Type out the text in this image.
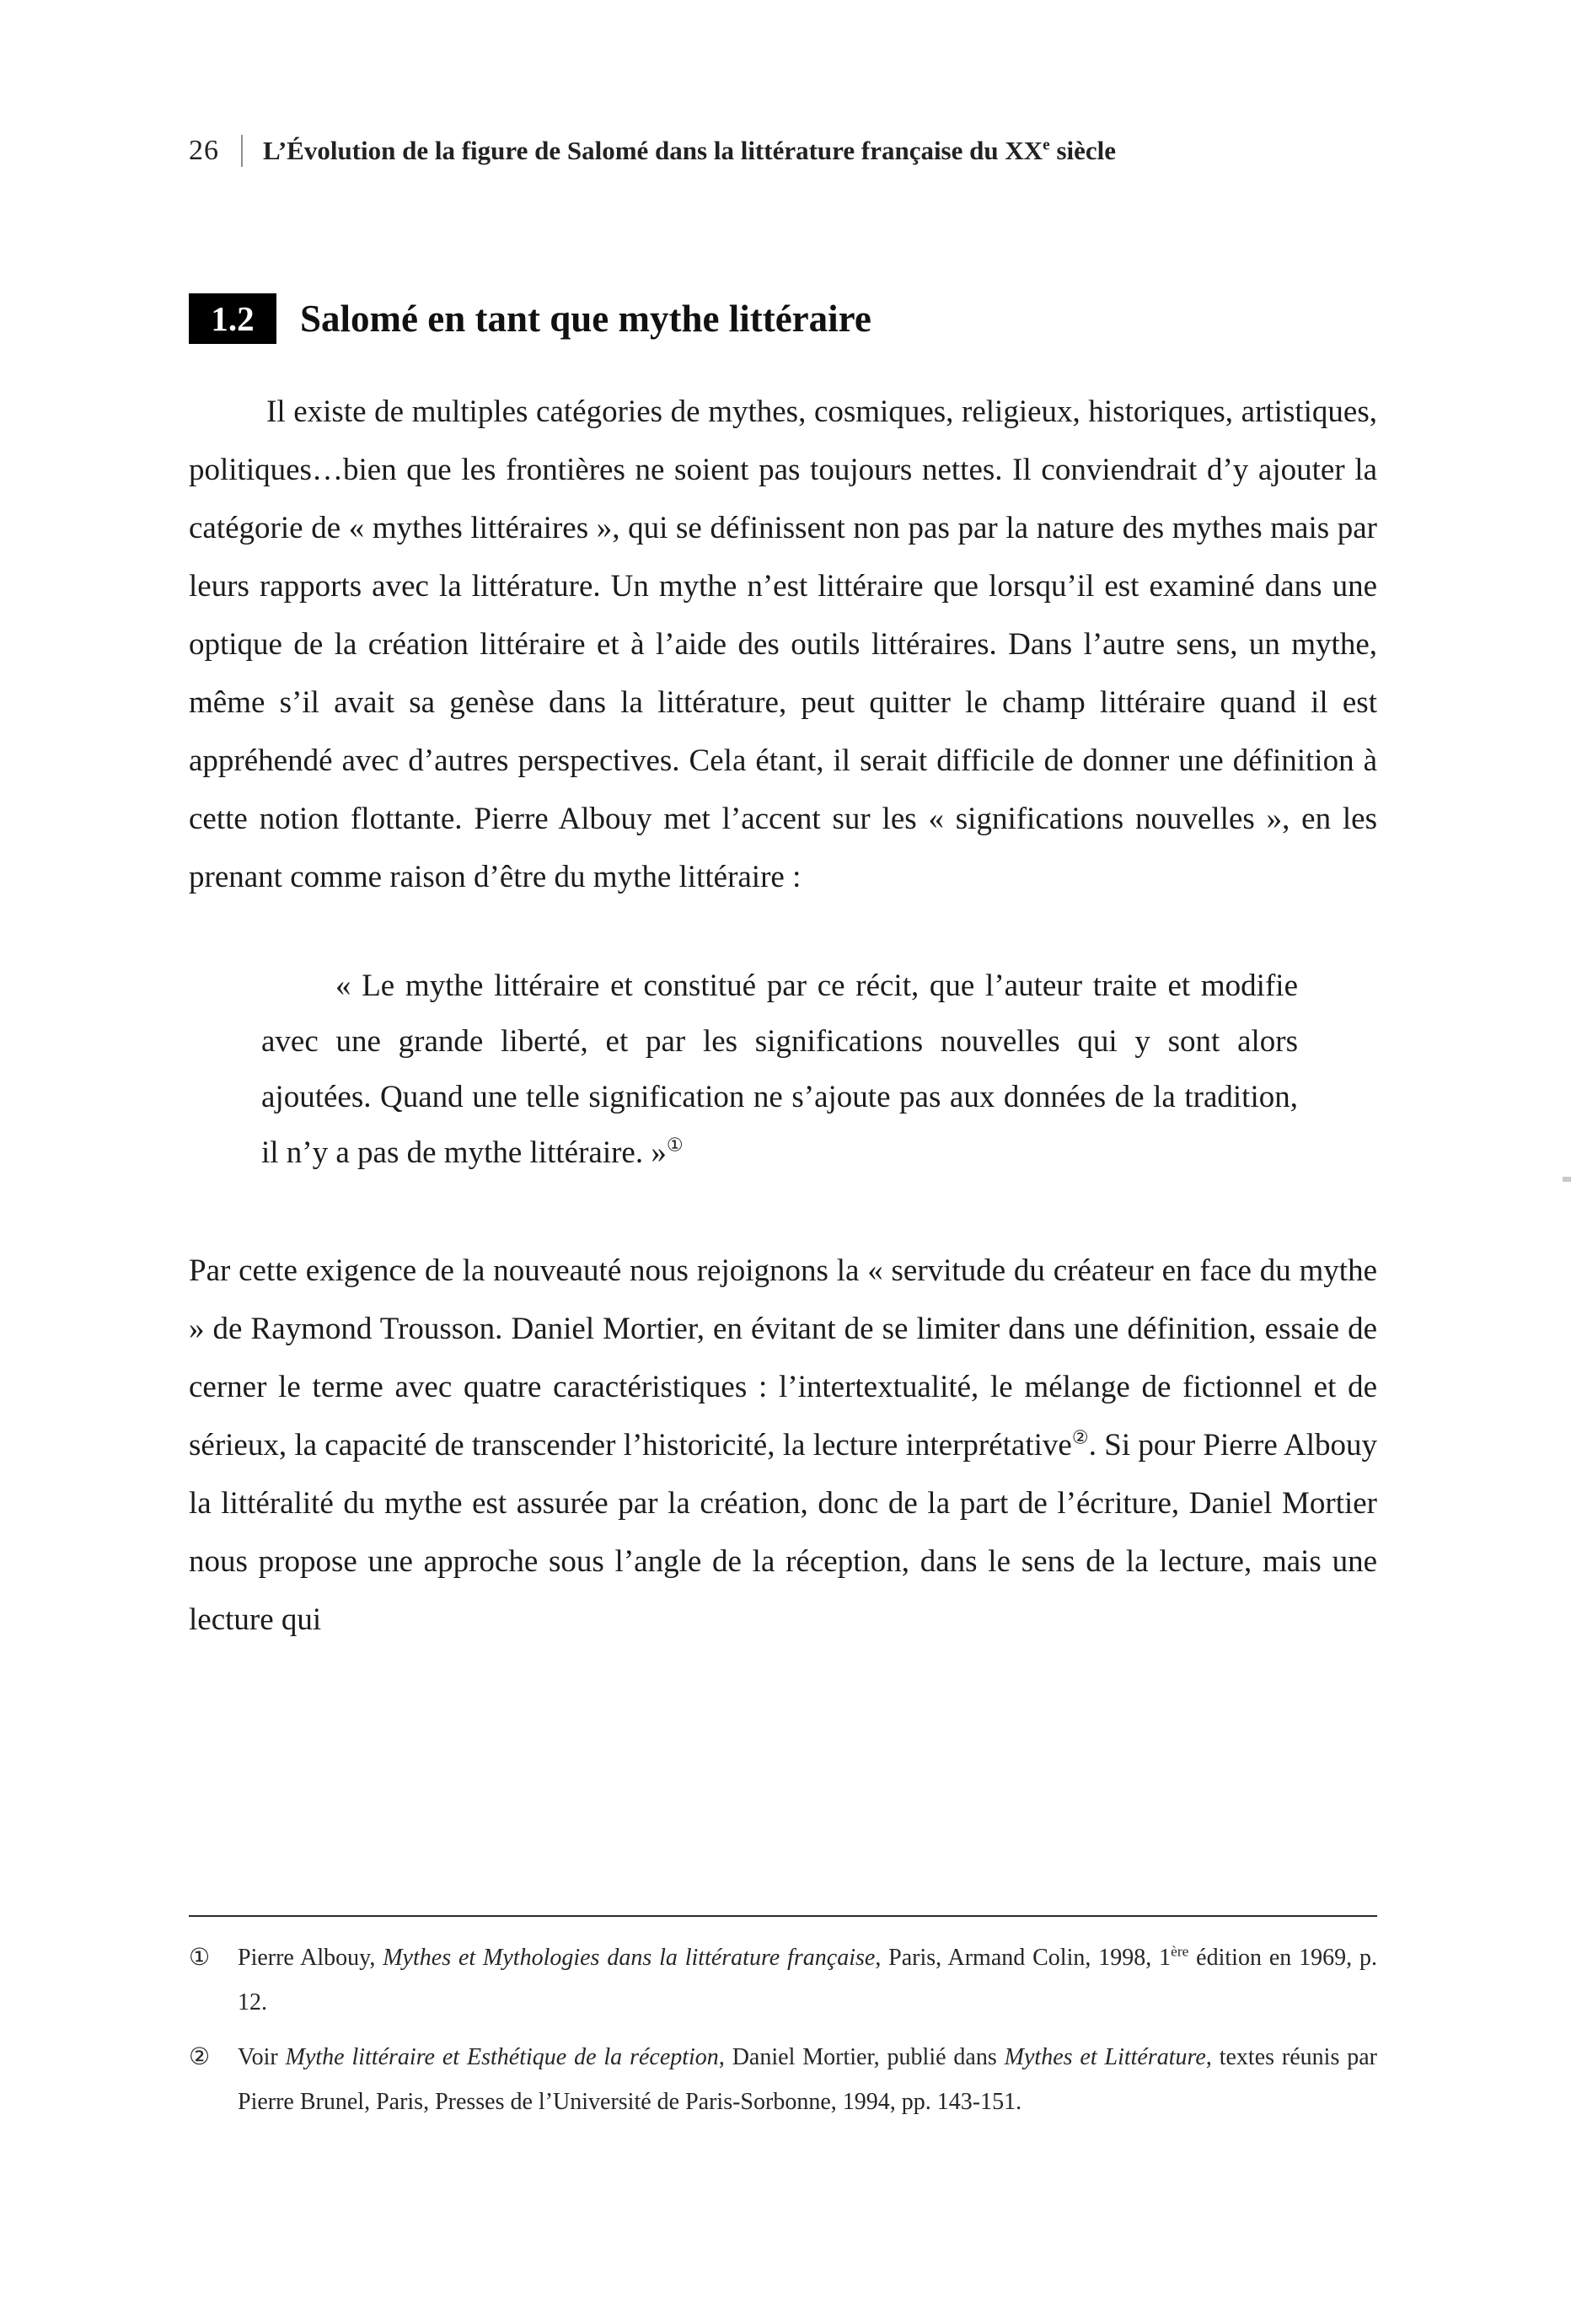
26 L’Évolution de la figure de Salomé dans la littérature française du XXe siècle
1.2	Salomé en tant que mythe littéraire

Il existe de multiples catégories de mythes, cosmiques, religieux, historiques, artistiques, politiques…bien que les frontières ne soient pas toujours nettes. Il conviendrait d’y ajouter la catégorie de « mythes littéraires », qui se définissent non pas par la nature des mythes mais par leurs rapports avec la littérature. Un mythe n’est littéraire que lorsqu’il est examiné dans une optique de la création littéraire et à l’aide des outils littéraires. Dans l’autre sens, un mythe, même s’il avait sa genèse dans la littérature, peut quitter le champ littéraire quand il est appréhendé avec d’autres perspectives. Cela étant, il serait difficile de donner une définition à cette notion flottante. Pierre Albouy met l’accent sur les « significations nouvelles », en les prenant comme raison d’être du mythe littéraire :

« Le mythe littéraire et constitué par ce récit, que l’auteur traite et modifie avec une grande liberté, et par les significations nouvelles qui y sont alors ajoutées. Quand une telle signification ne s’ajoute pas aux données de la tradition, il n’y a pas de mythe littéraire. »①

Par cette exigence de la nouveauté nous rejoignons la « servitude du créateur en face du mythe » de Raymond Trousson. Daniel Mortier, en évitant de se limiter dans une définition, essaie de cerner le terme avec quatre caractéristiques : l’intertextualité, le mélange de fictionnel et de sérieux, la capacité de transcender l’historicité, la lecture interprétative②. Si pour Pierre Albouy la littéralité du mythe est assurée par la création, donc de la part de l’écriture, Daniel Mortier nous propose une approche sous l’angle de la réception, dans le sens de la lecture, mais une lecture qui

① Pierre Albouy, Mythes et Mythologies dans la littérature française, Paris, Armand Colin, 1998, 1ère édition en 1969, p. 12.
② Voir Mythe littéraire et Esthétique de la réception, Daniel Mortier, publié dans Mythes et Littérature, textes réunis par Pierre Brunel, Paris, Presses de l’Université de Paris-Sorbonne, 1994, pp. 143-151.
